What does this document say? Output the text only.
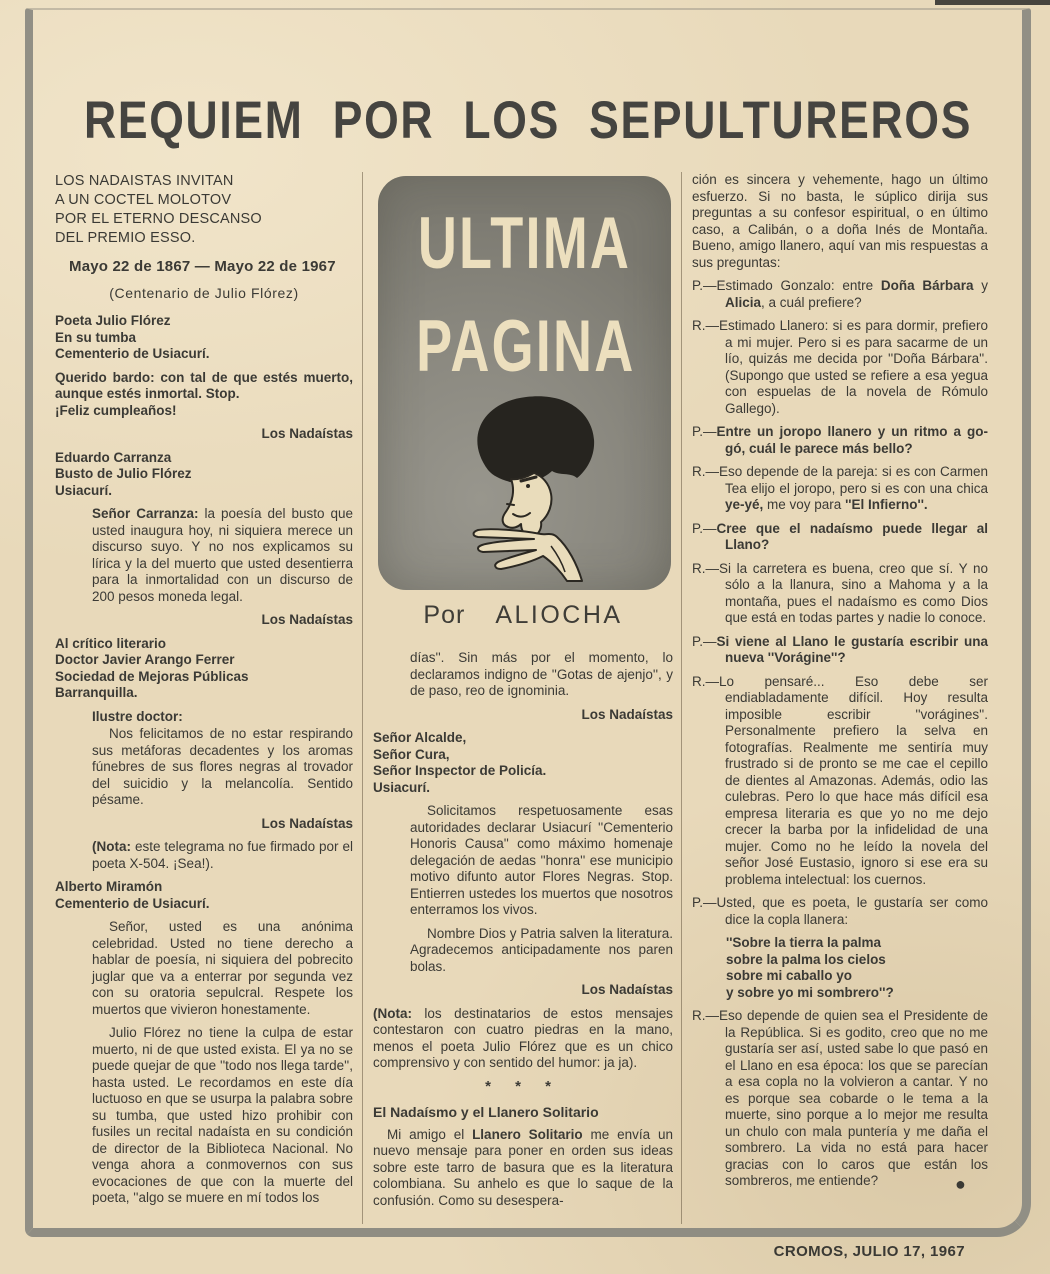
REQUIEM POR LOS SEPULTUREROS
LOS NADAISTAS INVITAN
A UN COCTEL MOLOTOV
POR EL ETERNO DESCANSO
DEL PREMIO ESSO.

Mayo 22 de 1867 — Mayo 22 de 1967

(Centenario de Julio Flórez)

Poeta Julio Flórez
En su tumba
Cementerio de Usiacurí.
Querido bardo: con tal de que estés muerto, aunque estés inmortal. Stop.
¡Feliz cumpleaños!

Los Nadaístas

Eduardo Carranza
Busto de Julio Flórez
Usiacurí.

Señor Carranza: la poesía del busto que usted inaugura hoy, ni siquiera merece un discurso suyo. Y no nos explicamos su lírica y la del muerto que usted desentierra para la inmortalidad con un discurso de 200 pesos moneda legal.

Los Nadaístas

Al crítico literario
Doctor Javier Arango Ferrer
Sociedad de Mejoras Públicas
Barranquilla.

Ilustre doctor:

Nos felicitamos de no estar respirando sus metáforas decadentes y los aromas fúnebres de sus flores negras al trovador del suicidio y la melancolía. Sentido pésame.

Los Nadaístas

(Nota: este telegrama no fue firmado por el poeta X-504. ¡Sea!).

Alberto Miramón
Cementerio de Usiacurí.

Señor, usted es una anónima celebridad. Usted no tiene derecho a hablar de poesía, ni siquiera del pobrecito juglar que va a enterrar por segunda vez con su oratoria sepulcral. Respete los muertos que vivieron honestamente.

Julio Flórez no tiene la culpa de estar muerto, ni de que usted exista. El ya no se puede quejar de que ''todo nos llega tarde'', hasta usted. Le recordamos en este día luctuoso en que se usurpa la palabra sobre su tumba, que usted hizo prohibir con fusiles un recital nadaísta en su condición de director de la Biblioteca Nacional. No venga ahora a conmovernos con sus evocaciones de que con la muerte del poeta, ''algo se muere en mí todos los

ULTIMA
PAGINA
Por ALIOCHA

días''. Sin más por el momento, lo declaramos indigno de ''Gotas de ajenjo'', y de paso, reo de ignominia.

Los Nadaístas

Señor Alcalde,
Señor Cura,
Señor Inspector de Policía.
Usiacurí.

Solicitamos respetuosamente esas autoridades declarar Usiacurí ''Cementerio Honoris Causa'' como máximo homenaje delegación de aedas ''honra'' ese municipio motivo difunto autor Flores Negras. Stop. Entierren ustedes los muertos que nosotros enterramos los vivos.

Nombre Dios y Patria salven la literatura. Agradecemos anticipadamente nos paren bolas.

Los Nadaístas

(Nota: los destinatarios de estos mensajes contestaron con cuatro piedras en la mano, menos el poeta Julio Flórez que es un chico comprensivo y con sentido del humor: ja ja).

* * *

El Nadaísmo y el Llanero Solitario

Mi amigo el Llanero Solitario me envía un nuevo mensaje para poner en orden sus ideas sobre este tarro de basura que es la literatura colombiana. Su anhelo es que lo saque de la confusión. Como su desespera-

ción es sincera y vehemente, hago un último esfuerzo. Si no basta, le súplico dirija sus preguntas a su confesor espiritual, o en último caso, a Calibán, o a doña Inés de Montaña. Bueno, amigo llanero, aquí van mis respuestas a sus preguntas:

P.—Estimado Gonzalo: entre Doña Bárbara y Alicia, a cuál prefiere?

R.—Estimado Llanero: si es para dormir, prefiero a mi mujer. Pero si es para sacarme de un lío, quizás me decida por ''Doña Bárbara''. (Supongo que usted se refiere a esa yegua con espuelas de la novela de Rómulo Gallego).

P.—Entre un joropo llanero y un ritmo a go-gó, cuál le parece más bello?

R.—Eso depende de la pareja: si es con Carmen Tea elijo el joropo, pero si es con una chica ye-yé, me voy para ''El Infierno''.

P.—Cree que el nadaísmo puede llegar al Llano?

R.—Si la carretera es buena, creo que sí. Y no sólo a la llanura, sino a Mahoma y a la montaña, pues el nadaísmo es como Dios que está en todas partes y nadie lo conoce.

P.—Si viene al Llano le gustaría escribir una nueva ''Vorágine''?

R.—Lo pensaré... Eso debe ser endiabladamente difícil. Hoy resulta imposible escribir ''vorágines''. Personalmente prefiero la selva en fotografías. Realmente me sentiría muy frustrado si de pronto se me cae el cepillo de dientes al Amazonas. Además, odio las culebras. Pero lo que hace más difícil esa empresa literaria es que yo no me dejo crecer la barba por la infidelidad de una mujer. Como no he leído la novela del señor José Eustasio, ignoro si ese era su problema intelectual: los cuernos.

P.—Usted, que es poeta, le gustaría ser como dice la copla llanera:

''Sobre la tierra la palma
sobre la palma los cielos
sobre mi caballo yo
y sobre yo mi sombrero''?

R.—Eso depende de quien sea el Presidente de la República. Si es godito, creo que no me gustaría ser así, usted sabe lo que pasó en el Llano en esa época: los que se parecían a esa copla no la volvieron a cantar. Y no es porque sea cobarde o le tema a la muerte, sino porque a lo mejor me resulta un chulo con mala puntería y me daña el sombrero. La vida no está para hacer gracias con lo caros que están los sombreros, me entiende?	●

CROMOS, JULIO 17, 1967
